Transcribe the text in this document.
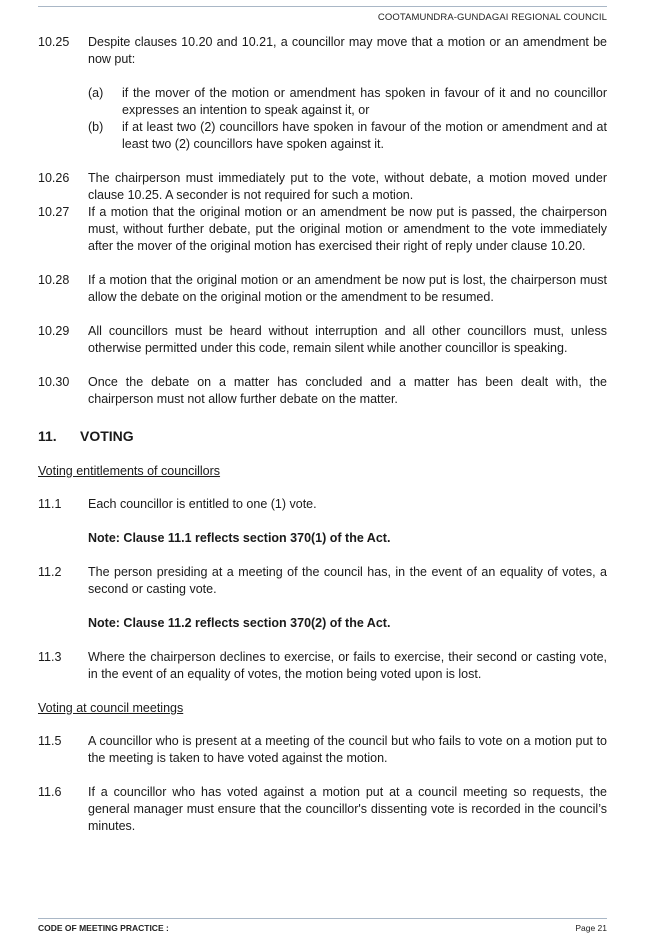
COOTAMUNDRA-GUNDAGAI REGIONAL COUNCIL
10.25	Despite clauses 10.20 and 10.21, a councillor may move that a motion or an amendment be now put:
(a)	if the mover of the motion or amendment has spoken in favour of it and no councillor expresses an intention to speak against it, or
(b)	if at least two (2) councillors have spoken in favour of the motion or amendment and at least two (2) councillors have spoken against it.
10.26	The chairperson must immediately put to the vote, without debate, a motion moved under clause 10.25. A seconder is not required for such a motion.
10.27	If a motion that the original motion or an amendment be now put is passed, the chairperson must, without further debate, put the original motion or amendment to the vote immediately after the mover of the original motion has exercised their right of reply under clause 10.20.
10.28	If a motion that the original motion or an amendment be now put is lost, the chairperson must allow the debate on the original motion or the amendment to be resumed.
10.29	All councillors must be heard without interruption and all other councillors must, unless otherwise permitted under this code, remain silent while another councillor is speaking.
10.30	Once the debate on a matter has concluded and a matter has been dealt with, the chairperson must not allow further debate on the matter.
11.	VOTING
Voting entitlements of councillors
11.1	Each councillor is entitled to one (1) vote.
Note: Clause 11.1 reflects section 370(1) of the Act.
11.2	The person presiding at a meeting of the council has, in the event of an equality of votes, a second or casting vote.
Note: Clause 11.2 reflects section 370(2) of the Act.
11.3	Where the chairperson declines to exercise, or fails to exercise, their second or casting vote, in the event of an equality of votes, the motion being voted upon is lost.
Voting at council meetings
11.5	A councillor who is present at a meeting of the council but who fails to vote on a motion put to the meeting is taken to have voted against the motion.
11.6	If a councillor who has voted against a motion put at a council meeting so requests, the general manager must ensure that the councillor's dissenting vote is recorded in the council’s minutes.
CODE OF MEETING PRACTICE :	Page 21
